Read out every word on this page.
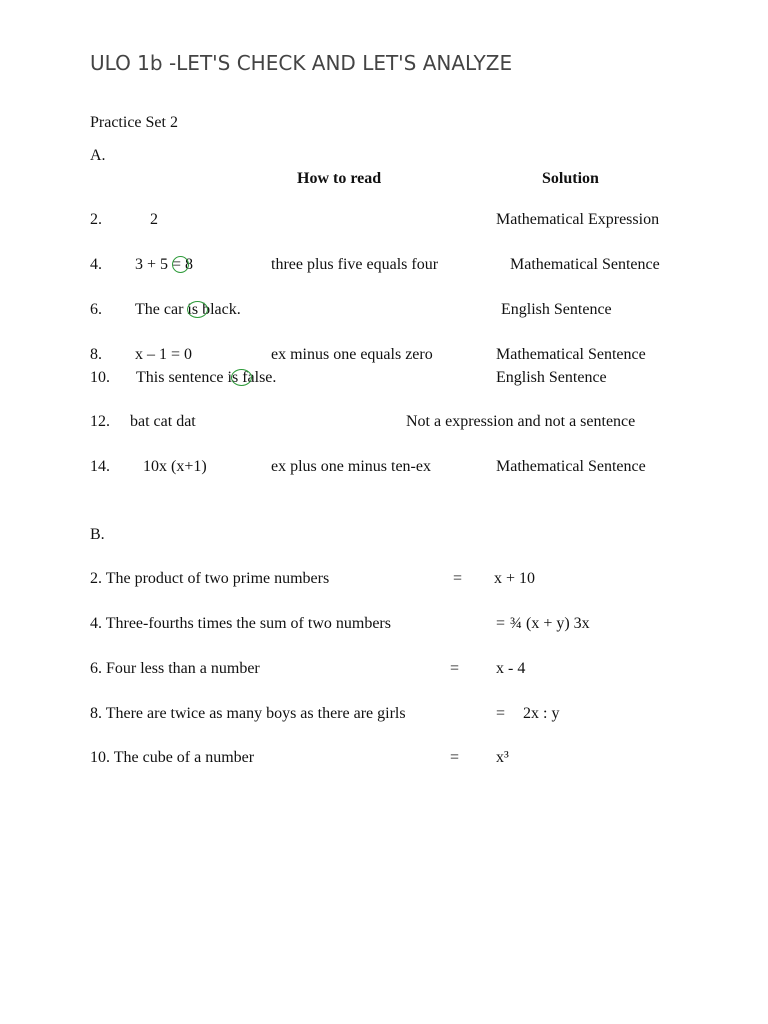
ULO 1b -LET'S CHECK AND LET'S ANALYZE
Practice Set 2
A.
How to read	Solution
2.	2	Mathematical Expression
4. 3 + 5 = 8	three plus five equals four	Mathematical Sentence
6. The car is black.	English Sentence
8. x – 1 = 0	ex minus one equals zero	Mathematical Sentence
10. This sentence is false.	English Sentence
12. bat cat dat	Not a expression and not a sentence
14. 10x (x+1)	ex plus one minus ten-ex	Mathematical Sentence
B.
2. The product of two prime numbers	= x + 10
4. Three-fourths times the sum of two numbers	= ¾ (x + y) 3x
6. Four less than a number	= x - 4
8. There are twice as many boys as there are girls	= 2x : y
10. The cube of a number	= x³
